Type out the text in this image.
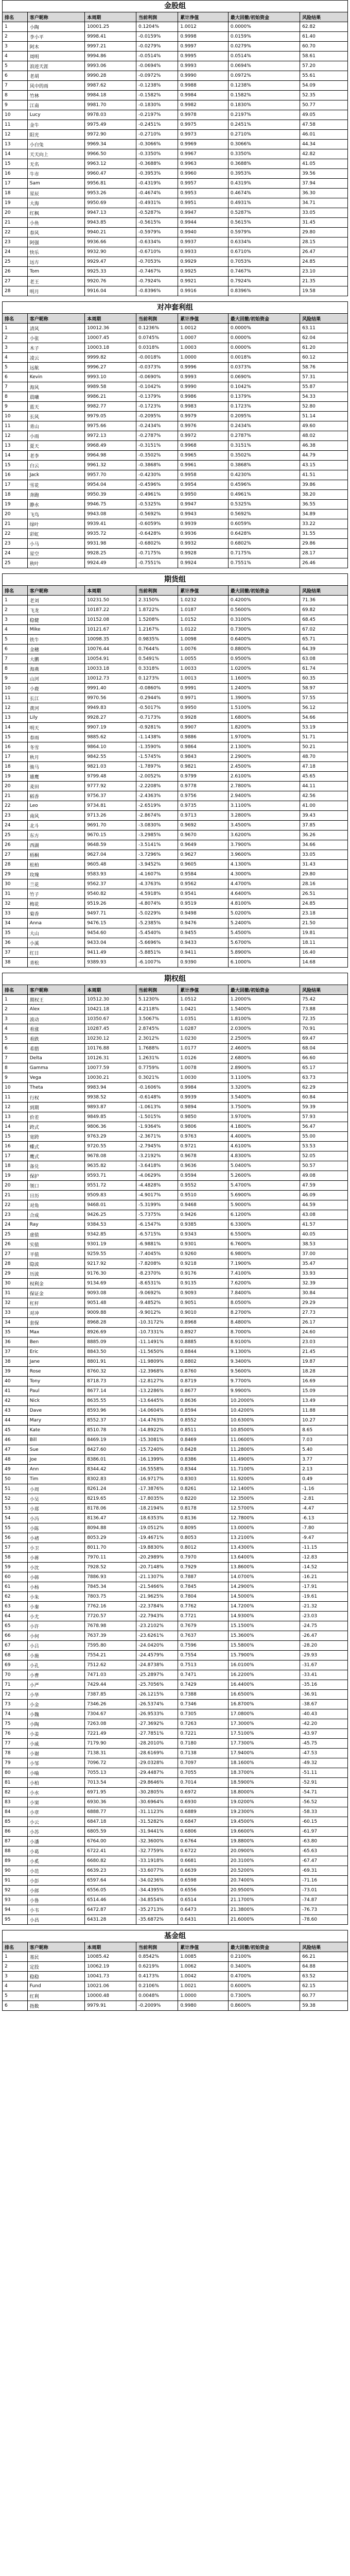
金股组
排名	客户昵称	本周期	当前利润	累计净值	最大回撤/初始资金	风险结果
1	小陶	10001.25	0.1204%	1.0012	0.0000%	62.82
2	李小平	9998.41	-0.0159%	0.9998	0.0159%	61.40
3	阿木	9997.21	-0.0279%	0.9997	0.0279%	60.70
4	周明	9994.86	-0.0514%	0.9995	0.0514%	58.61
5	浪迹天涯	9993.06	-0.0694%	0.9993	0.0694%	57.20
6	老胡	9990.28	-0.0972%	0.9990	0.0972%	55.61
7	风中的雨	9987.62	-0.1238%	0.9988	0.1238%	54.09
8	竹林	9984.18	-0.1582%	0.9984	0.1582%	52.35
9	江南	9981.70	-0.1830%	0.9982	0.1830%	50.77
10	Lucy	9978.03	-0.2197%	0.9978	0.2197%	49.05
11	金牛	9975.49	-0.2451%	0.9975	0.2451%	47.58
12	阳光	9972.90	-0.2710%	0.9973	0.2710%	46.01
13	小白兔	9969.34	-0.3066%	0.9969	0.3066%	44.34
14	天天向上	9966.50	-0.3350%	0.9967	0.3350%	42.82
15	无名	9963.12	-0.3688%	0.9963	0.3688%	41.05
16	牛市	9960.47	-0.3953%	0.9960	0.3953%	39.56
17	Sam	9956.81	-0.4319%	0.9957	0.4319%	37.94
18	星辰	9953.26	-0.4674%	0.9953	0.4674%	36.30
19	大海	9950.69	-0.4931%	0.9951	0.4931%	34.71
20	红枫	9947.13	-0.5287%	0.9947	0.5287%	33.05
21	小鱼	9943.85	-0.5615%	0.9944	0.5615%	31.45
22	春风	9940.21	-0.5979%	0.9940	0.5979%	29.80
23	阿强	9936.66	-0.6334%	0.9937	0.6334%	28.15
24	快乐	9932.90	-0.6710%	0.9933	0.6710%	26.47
25	远方	9929.47	-0.7053%	0.9929	0.7053%	24.85
26	Tom	9925.33	-0.7467%	0.9925	0.7467%	23.10
27	老王	9920.76	-0.7924%	0.9921	0.7924%	21.35
28	明月	9916.04	-0.8396%	0.9916	0.8396%	19.58
对冲套利组
排名	客户昵称	本周期	当前利润	累计净值	最大回撤/初始资金	风险结果
1	清风	10012.36	0.1236%	1.0012	0.0000%	63.11
2	小张	10007.45	0.0745%	1.0007	0.0000%	62.04
3	木子	10003.18	0.0318%	1.0003	0.0000%	61.20
4	凌云	9999.82	-0.0018%	1.0000	0.0018%	60.12
5	远航	9996.27	-0.0373%	0.9996	0.0373%	58.76
6	Kevin	9993.10	-0.0690%	0.9993	0.0690%	57.31
7	海风	9989.58	-0.1042%	0.9990	0.1042%	55.87
8	晨曦	9986.21	-0.1379%	0.9986	0.1379%	54.33
9	蓝天	9982.77	-0.1723%	0.9983	0.1723%	52.80
10	长风	9979.05	-0.2095%	0.9979	0.2095%	51.14
11	青山	9975.66	-0.2434%	0.9976	0.2434%	49.60
12	小雨	9972.13	-0.2787%	0.9972	0.2787%	48.02
13	夏天	9968.49	-0.3151%	0.9968	0.3151%	46.38
14	老李	9964.98	-0.3502%	0.9965	0.3502%	44.79
15	白云	9961.32	-0.3868%	0.9961	0.3868%	43.15
16	Jack	9957.70	-0.4230%	0.9958	0.4230%	41.51
17	雪花	9954.04	-0.4596%	0.9954	0.4596%	39.86
18	奔跑	9950.39	-0.4961%	0.9950	0.4961%	38.20
19	静水	9946.75	-0.5325%	0.9947	0.5325%	36.55
20	飞鸟	9943.08	-0.5692%	0.9943	0.5692%	34.89
21	绿叶	9939.41	-0.6059%	0.9939	0.6059%	33.22
22	彩虹	9935.72	-0.6428%	0.9936	0.6428%	31.55
23	小马	9931.98	-0.6802%	0.9932	0.6802%	29.86
24	星空	9928.25	-0.7175%	0.9928	0.7175%	28.17
25	秋叶	9924.49	-0.7551%	0.9924	0.7551%	26.46
期货组
排名	客户昵称	本周期	当前利润	累计净值	最大回撤/初始资金	风险结果
1	老刘	10231.50	2.3150%	1.0232	0.4200%	71.36
2	飞龙	10187.22	1.8722%	1.0187	0.5600%	69.82
3	稳健	10152.08	1.5208%	1.0152	0.3100%	68.45
4	Mike	10121.67	1.2167%	1.0122	0.7300%	67.02
5	铁牛	10098.35	0.9835%	1.0098	0.6400%	65.71
6	金穗	10076.44	0.7644%	1.0076	0.8800%	64.39
7	大鹏	10054.91	0.5491%	1.0055	0.9500%	63.08
8	海燕	10033.18	0.3318%	1.0033	1.0200%	61.74
9	山河	10012.73	0.1273%	1.0013	1.1600%	60.35
10	小鹿	9991.40	-0.0860%	0.9991	1.2400%	58.97
11	长江	9970.56	-0.2944%	0.9971	1.3900%	57.55
12	黄河	9949.83	-0.5017%	0.9950	1.5100%	56.12
13	Lily	9928.27	-0.7173%	0.9928	1.6800%	54.66
14	明天	9907.19	-0.9281%	0.9907	1.8200%	53.19
15	春雨	9885.62	-1.1438%	0.9886	1.9700%	51.71
16	冬雪	9864.10	-1.3590%	0.9864	2.1300%	50.21
17	秋月	9842.55	-1.5745%	0.9843	2.2900%	48.70
18	骏马	9821.03	-1.7897%	0.9821	2.4500%	47.18
19	雄鹰	9799.48	-2.0052%	0.9799	2.6100%	45.65
20	麦田	9777.92	-2.2208%	0.9778	2.7800%	44.11
21	稻香	9756.37	-2.4363%	0.9756	2.9400%	42.56
22	Leo	9734.81	-2.6519%	0.9735	3.1100%	41.00
23	南风	9713.26	-2.8674%	0.9713	3.2800%	39.43
24	北斗	9691.70	-3.0830%	0.9692	3.4500%	37.85
25	东方	9670.15	-3.2985%	0.9670	3.6200%	36.26
26	西湖	9648.59	-3.5141%	0.9649	3.7900%	34.66
27	梧桐	9627.04	-3.7296%	0.9627	3.9600%	33.05
28	松柏	9605.48	-3.9452%	0.9605	4.1300%	31.43
29	玫瑰	9583.93	-4.1607%	0.9584	4.3000%	29.80
30	兰花	9562.37	-4.3763%	0.9562	4.4700%	28.16
31	竹子	9540.82	-4.5918%	0.9541	4.6400%	26.51
32	梅花	9519.26	-4.8074%	0.9519	4.8100%	24.85
33	菊香	9497.71	-5.0229%	0.9498	5.0200%	23.18
34	Anna	9476.15	-5.2385%	0.9476	5.2400%	21.50
35	大山	9454.60	-5.4540%	0.9455	5.4500%	19.81
36	小溪	9433.04	-5.6696%	0.9433	5.6700%	18.11
37	红日	9411.49	-5.8851%	0.9411	5.8900%	16.40
38	青松	9389.93	-6.1007%	0.9390	6.1000%	14.68
期权组
排名	客户昵称	本周期	当前利润	累计净值	最大回撤/初始资金	风险结果
1	期权王	10512.30	5.1230%	1.0512	1.2000%	75.42
2	Alex	10421.18	4.2118%	1.0421	1.5400%	73.88
3	波动	10350.67	3.5067%	1.0351	1.8100%	72.35
4	看涨	10287.45	2.8745%	1.0287	2.0300%	70.91
5	看跌	10230.12	2.3012%	1.0230	2.2500%	69.47
6	希腊	10176.88	1.7688%	1.0177	2.4600%	68.04
7	Delta	10126.31	1.2631%	1.0126	2.6800%	66.60
8	Gamma	10077.59	0.7759%	1.0078	2.8900%	65.17
9	Vega	10030.21	0.3021%	1.0030	3.1100%	63.73
10	Theta	9983.94	-0.1606%	0.9984	3.3200%	62.29
11	行权	9938.52	-0.6148%	0.9939	3.5400%	60.84
12	到期	9893.87	-1.0613%	0.9894	3.7500%	59.39
13	价差	9849.85	-1.5015%	0.9850	3.9700%	57.93
14	跨式	9806.36	-1.9364%	0.9806	4.1800%	56.47
15	宽跨	9763.29	-2.3671%	0.9763	4.4000%	55.00
16	蝶式	9720.55	-2.7945%	0.9721	4.6100%	53.53
17	鹰式	9678.08	-3.2192%	0.9678	4.8300%	52.05
18	备兑	9635.82	-3.6418%	0.9636	5.0400%	50.57
19	保护	9593.71	-4.0629%	0.9594	5.2600%	49.08
20	领口	9551.72	-4.4828%	0.9552	5.4700%	47.59
21	日历	9509.83	-4.9017%	0.9510	5.6900%	46.09
22	对角	9468.01	-5.3199%	0.9468	5.9000%	44.59
23	合成	9426.25	-5.7375%	0.9426	6.1200%	43.08
24	Ray	9384.53	-6.1547%	0.9385	6.3300%	41.57
25	虚值	9342.85	-6.5715%	0.9343	6.5500%	40.05
26	实值	9301.19	-6.9881%	0.9301	6.7600%	38.53
27	平值	9259.55	-7.4045%	0.9260	6.9800%	37.00
28	隐波	9217.92	-7.8208%	0.9218	7.1900%	35.47
29	历波	9176.30	-8.2370%	0.9176	7.4100%	33.93
30	权利金	9134.69	-8.6531%	0.9135	7.6200%	32.39
31	保证金	9093.08	-9.0692%	0.9093	7.8400%	30.84
32	杠杆	9051.48	-9.4852%	0.9051	8.0500%	29.29
33	对冲	9009.88	-9.9012%	0.9010	8.2700%	27.73
34	套保	8968.28	-10.3172%	0.8968	8.4800%	26.17
35	Max	8926.69	-10.7331%	0.8927	8.7000%	24.60
36	Ben	8885.09	-11.1491%	0.8885	8.9100%	23.03
37	Eric	8843.50	-11.5650%	0.8844	9.1300%	21.45
38	Jane	8801.91	-11.9809%	0.8802	9.3400%	19.87
39	Rose	8760.32	-12.3968%	0.8760	9.5600%	18.28
40	Tony	8718.73	-12.8127%	0.8719	9.7700%	16.69
41	Paul	8677.14	-13.2286%	0.8677	9.9900%	15.09
42	Nick	8635.55	-13.6445%	0.8636	10.2000%	13.49
43	Dave	8593.96	-14.0604%	0.8594	10.4200%	11.88
44	Mary	8552.37	-14.4763%	0.8552	10.6300%	10.27
45	Kate	8510.78	-14.8922%	0.8511	10.8500%	8.65
46	Bill	8469.19	-15.3081%	0.8469	11.0600%	7.03
47	Sue	8427.60	-15.7240%	0.8428	11.2800%	5.40
48	Joe	8386.01	-16.1399%	0.8386	11.4900%	3.77
49	Ann	8344.42	-16.5558%	0.8344	11.7100%	2.13
50	Tim	8302.83	-16.9717%	0.8303	11.9200%	0.49
51	小周	8261.24	-17.3876%	0.8261	12.1400%	-1.16
52	小吴	8219.65	-17.8035%	0.8220	12.3500%	-2.81
53	小郑	8178.06	-18.2194%	0.8178	12.5700%	-4.47
54	小冯	8136.47	-18.6353%	0.8136	12.7800%	-6.13
55	小陈	8094.88	-19.0512%	0.8095	13.0000%	-7.80
56	小褚	8053.29	-19.4671%	0.8053	13.2100%	-9.47
57	小卫	8011.70	-19.8830%	0.8012	13.4300%	-11.15
58	小蒋	7970.11	-20.2989%	0.7970	13.6400%	-12.83
59	小沈	7928.52	-20.7148%	0.7929	13.8600%	-14.52
60	小韩	7886.93	-21.1307%	0.7887	14.0700%	-16.21
61	小杨	7845.34	-21.5466%	0.7845	14.2900%	-17.91
62	小朱	7803.75	-21.9625%	0.7804	14.5000%	-19.61
63	小秦	7762.16	-22.3784%	0.7762	14.7200%	-21.32
64	小尤	7720.57	-22.7943%	0.7721	14.9300%	-23.03
65	小许	7678.98	-23.2102%	0.7679	15.1500%	-24.75
66	小何	7637.39	-23.6261%	0.7637	15.3600%	-26.47
67	小吕	7595.80	-24.0420%	0.7596	15.5800%	-28.20
68	小施	7554.21	-24.4579%	0.7554	15.7900%	-29.93
69	小孔	7512.62	-24.8738%	0.7513	16.0100%	-31.67
70	小曹	7471.03	-25.2897%	0.7471	16.2200%	-33.41
71	小严	7429.44	-25.7056%	0.7429	16.4400%	-35.16
72	小华	7387.85	-26.1215%	0.7388	16.6500%	-36.91
73	小金	7346.26	-26.5374%	0.7346	16.8700%	-38.67
74	小魏	7304.67	-26.9533%	0.7305	17.0800%	-40.43
75	小陶	7263.08	-27.3692%	0.7263	17.3000%	-42.20
76	小姜	7221.49	-27.7851%	0.7221	17.5100%	-43.97
77	小戚	7179.90	-28.2010%	0.7180	17.7300%	-45.75
78	小谢	7138.31	-28.6169%	0.7138	17.9400%	-47.53
79	小邹	7096.72	-29.0328%	0.7097	18.1600%	-49.32
80	小喻	7055.13	-29.4487%	0.7055	18.3700%	-51.11
81	小柏	7013.54	-29.8646%	0.7014	18.5900%	-52.91
82	小水	6971.95	-30.2805%	0.6972	18.8000%	-54.71
83	小窦	6930.36	-30.6964%	0.6930	19.0200%	-56.52
84	小章	6888.77	-31.1123%	0.6889	19.2300%	-58.33
85	小云	6847.18	-31.5282%	0.6847	19.4500%	-60.15
86	小苏	6805.59	-31.9441%	0.6806	19.6600%	-61.97
87	小潘	6764.00	-32.3600%	0.6764	19.8800%	-63.80
88	小葛	6722.41	-32.7759%	0.6722	20.0900%	-65.63
89	小奚	6680.82	-33.1918%	0.6681	20.3100%	-67.47
90	小范	6639.23	-33.6077%	0.6639	20.5200%	-69.31
91	小彭	6597.64	-34.0236%	0.6598	20.7400%	-71.16
92	小郎	6556.05	-34.4395%	0.6556	20.9500%	-73.01
93	小鲁	6514.46	-34.8554%	0.6514	21.1700%	-74.87
94	小韦	6472.87	-35.2713%	0.6473	21.3800%	-76.73
95	小昌	6431.28	-35.6872%	0.6431	21.6000%	-78.60
基金组
排名	客户昵称	本周期	当前利润	累计净值	最大回撤/初始资金	风险结果
1	基民	10085.42	0.8542%	1.0085	0.2100%	66.21
2	定投	10062.19	0.6219%	1.0062	0.3400%	64.88
3	稳稳	10041.73	0.4173%	1.0042	0.4700%	63.52
4	Fund	10021.06	0.2106%	1.0021	0.6000%	62.15
5	红利	10000.48	0.0048%	1.0000	0.7300%	60.77
6	指数	9979.91	-0.2009%	0.9980	0.8600%	59.38
